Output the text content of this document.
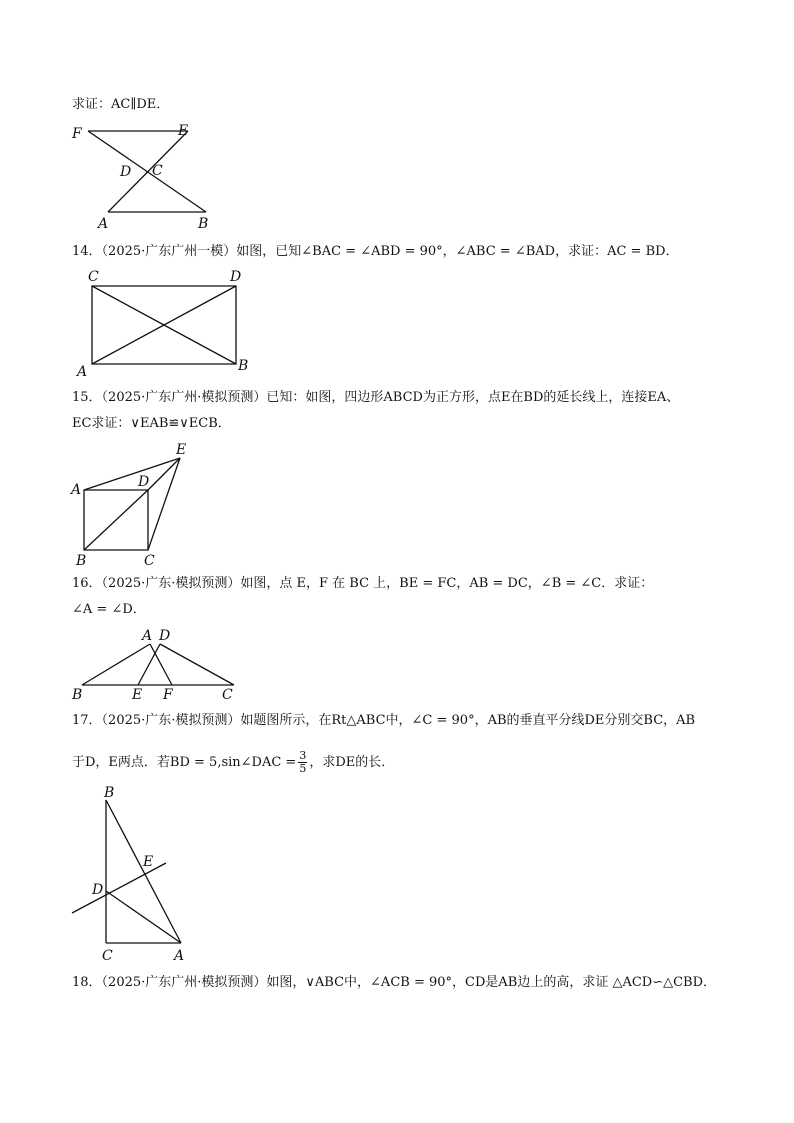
求证：AC∥DE．
F	E
D C
A	B
14．（2025·广东广州一模）如图，已知∠BAC = ∠ABD = 90°，∠ABC = ∠BAD，求证：AC = BD．
C	D
A	B
15．（2025·广东广州·模拟预测）已知：如图，四边形ABCD为正方形，点E在BD的延长线上，连接EA、
EC求证：∨EAB≌∨ECB．
E
A	D
B	C
16．（2025·广东·模拟预测）如图，点 E，F 在 BC 上，BE = FC，AB = DC，∠B = ∠C．求证：
∠A = ∠D．
A D
B	E F	C
17．（2025·广东·模拟预测）如题图所示，在Rt△ABC中，∠C = 90°，AB的垂直平分线DE分别交BC，AB
于D，E两点．若BD = 5,sin∠DAC = $\frac{3}{5}$ ，求DE的长．
B
E
D
C	A
18．（2025·广东广州·模拟预测）如图，∨ABC中，∠ACB = 90°，CD是AB边上的高，求证 △ACD∽△CBD．
